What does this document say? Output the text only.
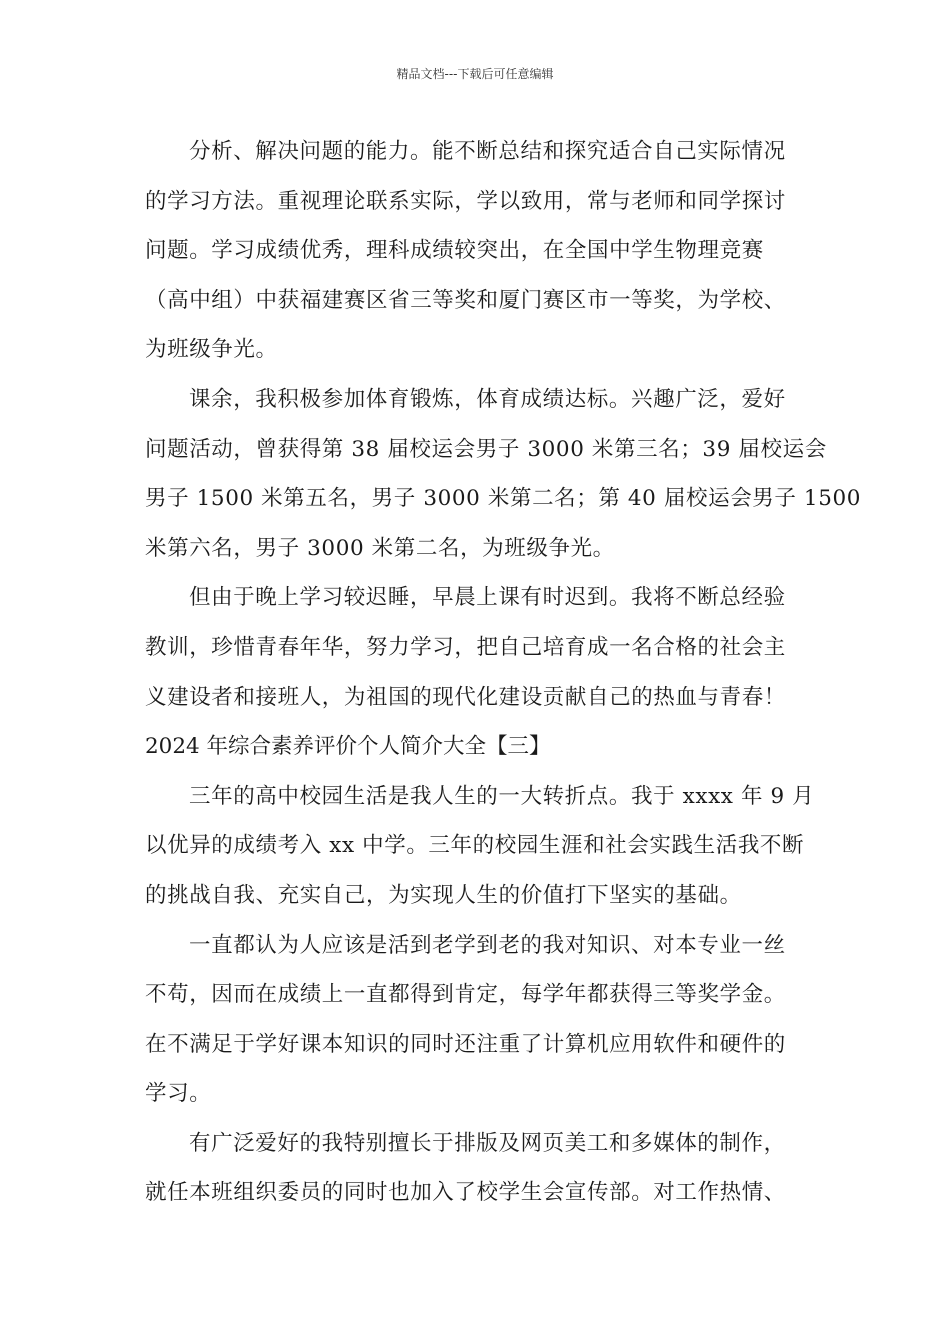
精品文档---下载后可任意编辑
分析、解决问题的能力。能不断总结和探究适合自己实际情况
的学习方法。重视理论联系实际，学以致用，常与老师和同学探讨
问题。学习成绩优秀，理科成绩较突出，在全国中学生物理竞赛
（高中组）中获福建赛区省三等奖和厦门赛区市一等奖，为学校、
为班级争光。
课余，我积极参加体育锻炼，体育成绩达标。兴趣广泛，爱好
问题活动，曾获得第 38 届校运会男子 3000 米第三名；39 届校运会
男子 1500 米第五名，男子 3000 米第二名；第 40 届校运会男子 1500
米第六名，男子 3000 米第二名，为班级争光。
但由于晚上学习较迟睡，早晨上课有时迟到。我将不断总经验
教训，珍惜青春年华，努力学习，把自己培育成一名合格的社会主
义建设者和接班人，为祖国的现代化建设贡献自己的热血与青春！
2024 年综合素养评价个人简介大全【三】
三年的高中校园生活是我人生的一大转折点。我于 xxxx 年 9 月
以优异的成绩考入 xx 中学。三年的校园生涯和社会实践生活我不断
的挑战自我、充实自己，为实现人生的价值打下坚实的基础。
一直都认为人应该是活到老学到老的我对知识、对本专业一丝
不苟，因而在成绩上一直都得到肯定，每学年都获得三等奖学金。
在不满足于学好课本知识的同时还注重了计算机应用软件和硬件的
学习。
有广泛爱好的我特别擅长于排版及网页美工和多媒体的制作，
就任本班组织委员的同时也加入了校学生会宣传部。对工作热情、
